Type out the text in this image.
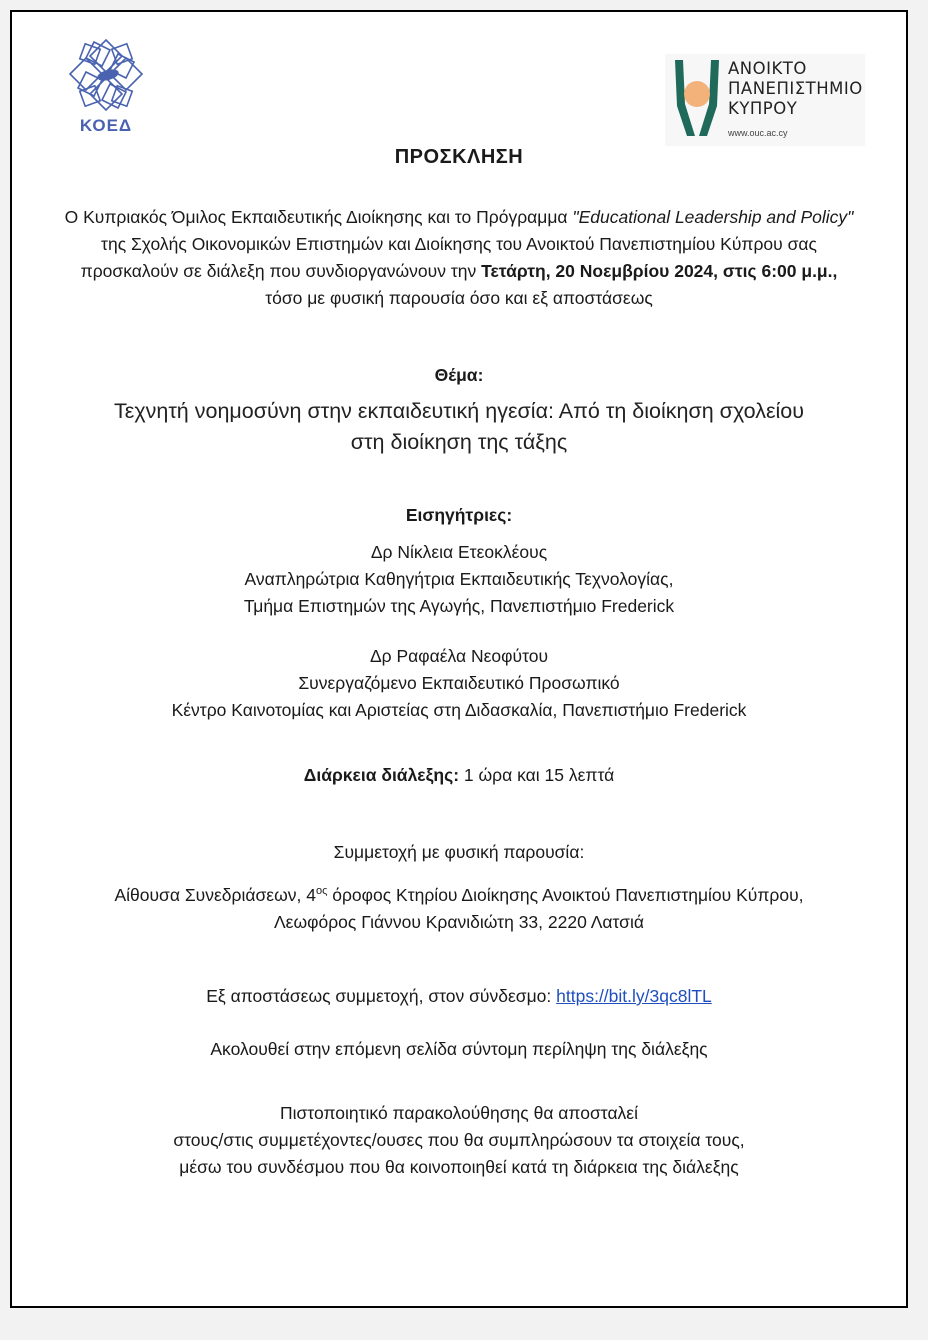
ΚΟΕΔ
ΑΝΟΙΚΤΟ
ΠΑΝΕΠΙΣΤΗΜΙΟ
ΚΥΠΡΟΥ
www.ouc.ac.cy
ΠΡΟΣΚΛΗΣΗ
Ο Κυπριακός Όμιλος Εκπαιδευτικής Διοίκησης και το Πρόγραμμα "Educational Leadership and Policy" της Σχολής Οικονομικών Επιστημών και Διοίκησης του Ανοικτού Πανεπιστημίου Κύπρου σας προσκαλούν σε διάλεξη που συνδιοργανώνουν την Τετάρτη, 20 Νοεμβρίου 2024, στις 6:00 μ.μ., τόσο με φυσική παρουσία όσο και εξ αποστάσεως
Θέμα:
Τεχνητή νοημοσύνη στην εκπαιδευτική ηγεσία: Από τη διοίκηση σχολείου
στη διοίκηση της τάξης
Εισηγήτριες:
Δρ Νίκλεια Ετεοκλέους
Αναπληρώτρια Καθηγήτρια Εκπαιδευτικής Τεχνολογίας,
Τμήμα Επιστημών της Αγωγής, Πανεπιστήμιο Frederick
Δρ Ραφαέλα Νεοφύτου
Συνεργαζόμενο Εκπαιδευτικό Προσωπικό
Κέντρο Καινοτομίας και Αριστείας στη Διδασκαλία, Πανεπιστήμιο Frederick
Διάρκεια διάλεξης: 1 ώρα και 15 λεπτά
Συμμετοχή με φυσική παρουσία:
Αίθουσα Συνεδριάσεων, $4^{o\varsigma}$ όροφος Κτηρίου Διοίκησης Ανοικτού Πανεπιστημίου Κύπρου,
Λεωφόρος Γιάννου Κρανιδιώτη 33, 2220 Λατσιά
Εξ αποστάσεως συμμετοχή, στον σύνδεσμο: https://bit.ly/3qc8lTL
Ακολουθεί στην επόμενη σελίδα σύντομη περίληψη της διάλεξης
Πιστοποιητικό παρακολούθησης θα αποσταλεί
στους/στις συμμετέχοντες/ουσες που θα συμπληρώσουν τα στοιχεία τους,
μέσω του συνδέσμου που θα κοινοποιηθεί κατά τη διάρκεια της διάλεξης
